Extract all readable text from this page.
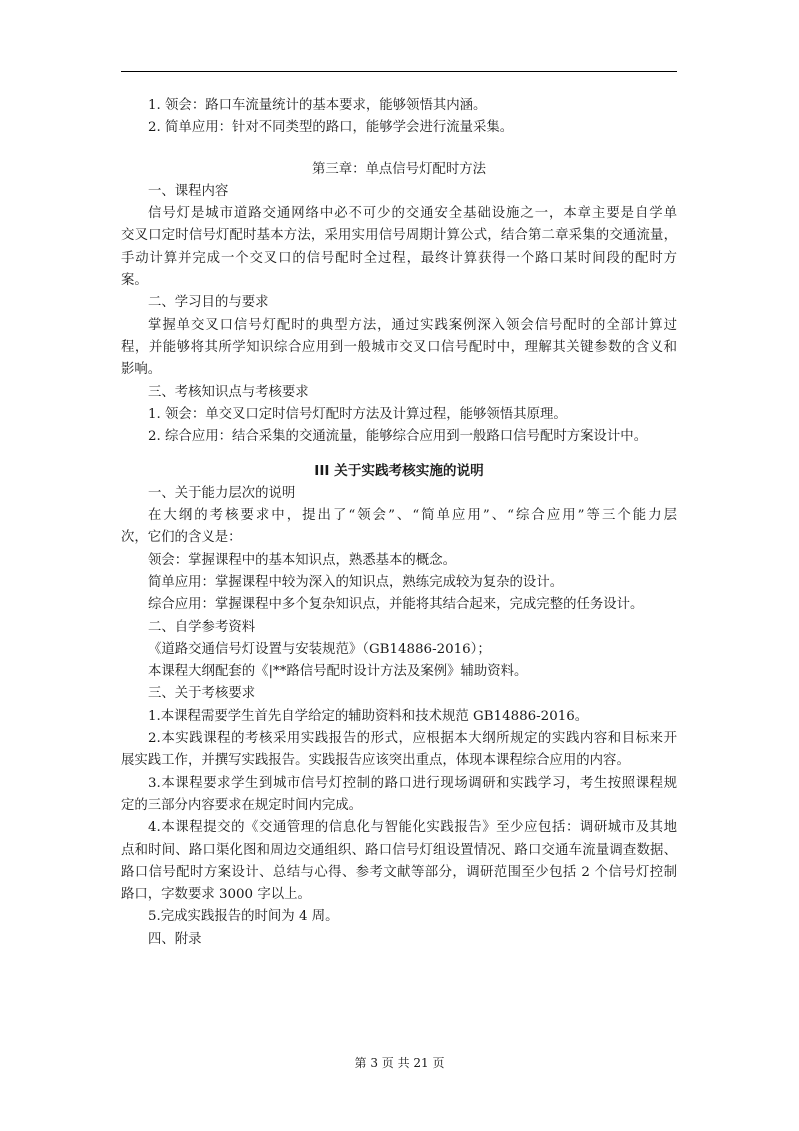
1. 领会：路口车流量统计的基本要求，能够领悟其内涵。
2. 简单应用：针对不同类型的路口，能够学会进行流量采集。
第三章：单点信号灯配时方法
一、课程内容
信号灯是城市道路交通网络中必不可少的交通安全基础设施之一，本章主要是自学单
交叉口定时信号灯配时基本方法，采用实用信号周期计算公式，结合第二章采集的交通流量，
手动计算并完成一个交叉口的信号配时全过程，最终计算获得一个路口某时间段的配时方
案。
二、学习目的与要求
掌握单交叉口信号灯配时的典型方法，通过实践案例深入领会信号配时的全部计算过
程，并能够将其所学知识综合应用到一般城市交叉口信号配时中，理解其关键参数的含义和
影响。
三、考核知识点与考核要求
1. 领会：单交叉口定时信号灯配时方法及计算过程，能够领悟其原理。
2. 综合应用：结合采集的交通流量，能够综合应用到一般路口信号配时方案设计中。
III 关于实践考核实施的说明
一、关于能力层次的说明
在大纲的考核要求中，提出了“领会”、“简单应用”、“综合应用”等三个能力层
次，它们的含义是：
领会：掌握课程中的基本知识点，熟悉基本的概念。
简单应用：掌握课程中较为深入的知识点，熟练完成较为复杂的设计。
综合应用：掌握课程中多个复杂知识点，并能将其结合起来，完成完整的任务设计。
二、自学参考资料
《道路交通信号灯设置与安装规范》（GB14886-2016）；
本课程大纲配套的《|**路信号配时设计方法及案例》辅助资料。
三、关于考核要求
1.本课程需要学生首先自学给定的辅助资料和技术规范 GB14886-2016。
2.本实践课程的考核采用实践报告的形式，应根据本大纲所规定的实践内容和目标来开
展实践工作，并撰写实践报告。实践报告应该突出重点，体现本课程综合应用的内容。
3.本课程要求学生到城市信号灯控制的路口进行现场调研和实践学习，考生按照课程规
定的三部分内容要求在规定时间内完成。
4.本课程提交的《交通管理的信息化与智能化实践报告》至少应包括：调研城市及其地
点和时间、路口渠化图和周边交通组织、路口信号灯组设置情况、路口交通车流量调查数据、
路口信号配时方案设计、总结与心得、参考文献等部分，调研范围至少包括 2 个信号灯控制
路口，字数要求 3000 字以上。
5.完成实践报告的时间为 4 周。
四、附录
第 3 页 共 21 页
